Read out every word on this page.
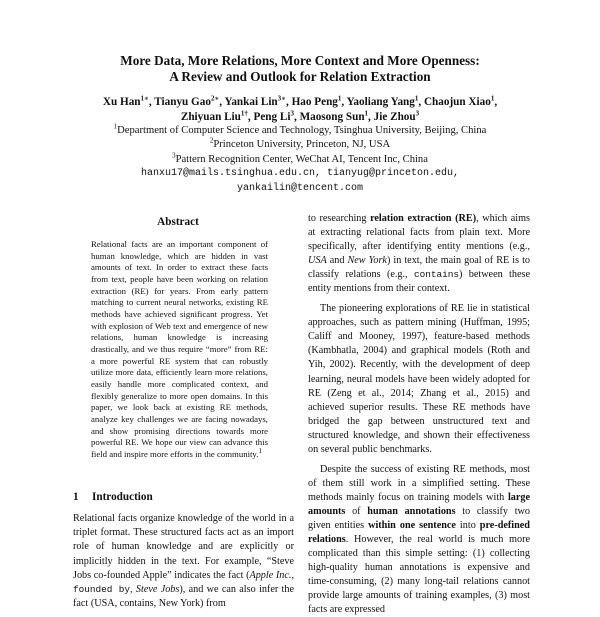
More Data, More Relations, More Context and More Openness:
A Review and Outlook for Relation Extraction
Xu Han$^{1∗}$, Tianyu Gao$^{2∗}$, Yankai Lin$^{3∗}$, Hao Peng$^1$, Yaoliang Yang$^1$, Chaojun Xiao$^1$,
Zhiyuan Liu$^{1\dagger}$, Peng Li$^3$, Maosong Sun$^1$, Jie Zhou$^3$
$^1$Department of Computer Science and Technology, Tsinghua University, Beijing, China
$^2$Princeton University, Princeton, NJ, USA
$^3$Pattern Recognition Center, WeChat AI, Tencent Inc, China
hanxu17@mails.tsinghua.edu.cn, tianyug@princeton.edu,
yankailin@tencent.com
Abstract

Relational facts are an important component of human knowledge, which are hidden in vast amounts of text. In order to extract these facts from text, people have been working on relation extraction (RE) for years. From early pattern matching to current neural networks, existing RE methods have achieved significant progress. Yet with explosion of Web text and emergence of new relations, human knowledge is increasing drastically, and we thus require “more” from RE: a more powerful RE system that can robustly utilize more data, efficiently learn more relations, easily handle more complicated context, and flexibly generalize to more open domains. In this paper, we look back at existing RE methods, analyze key challenges we are facing nowadays, and show promising directions towards more powerful RE. We hope our view can advance this field and inspire more efforts in the community.$^1$

1 Introduction

Relational facts organize knowledge of the world in a triplet format. These structured facts act as an import role of human knowledge and are explicitly or implicitly hidden in the text. For example, “Steve Jobs co-founded Apple” indicates the fact (Apple Inc., founded by, Steve Jobs), and we can also infer the fact (USA, contains, New York) from

to researching relation extraction (RE), which aims at extracting relational facts from plain text. More specifically, after identifying entity mentions (e.g., USA and New York) in text, the main goal of RE is to classify relations (e.g., contains) between these entity mentions from their context.

The pioneering explorations of RE lie in statistical approaches, such as pattern mining (Huffman, 1995; Califf and Mooney, 1997), feature-based methods (Kambhatla, 2004) and graphical models (Roth and Yih, 2002). Recently, with the development of deep learning, neural models have been widely adopted for RE (Zeng et al., 2014; Zhang et al., 2015) and achieved superior results. These RE methods have bridged the gap between unstructured text and structured knowledge, and shown their effectiveness on several public benchmarks.

Despite the success of existing RE methods, most of them still work in a simplified setting. These methods mainly focus on training models with large amounts of human annotations to classify two given entities within one sentence into pre-defined relations. However, the real world is much more complicated than this simple setting: (1) collecting high-quality human annotations is expensive and time-consuming, (2) many long-tail relations cannot provide large amounts of training examples, (3) most facts are expressed
